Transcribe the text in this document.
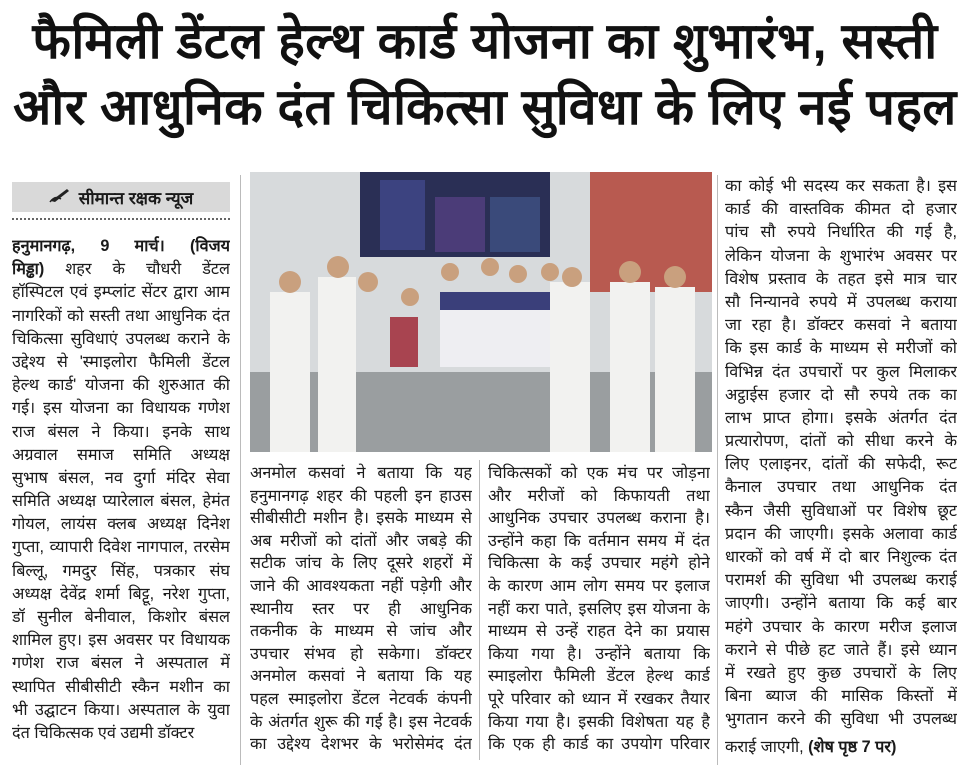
फैमिली डेंटल हेल्थ कार्ड योजना का शुभारंभ, सस्ती
और आधुनिक दंत चिकित्सा सुविधा के लिए नई पहल
सीमान्त रक्षक न्यूज
हनुमानगढ़, 9 मार्च। (विजय
मिड्ढा) शहर के चौधरी डेंटल
हॉस्पिटल एवं इम्प्लांट सेंटर द्वारा आम
नागरिकों को सस्ती तथा आधुनिक दंत
चिकित्सा सुविधाएं उपलब्ध कराने के
उद्देश्य से 'स्माइलोरा फैमिली डेंटल
हेल्थ कार्ड' योजना की शुरुआत की
गई। इस योजना का विधायक गणेश
राज बंसल ने किया। इनके साथ
अग्रवाल समाज समिति अध्यक्ष
सुभाष बंसल, नव दुर्गा मंदिर सेवा
समिति अध्यक्ष प्यारेलाल बंसल, हेमंत
गोयल, लायंस क्लब अध्यक्ष दिनेश
गुप्ता, व्यापारी दिवेश नागपाल, तरसेम
बिल्लू, गमदुर सिंह, पत्रकार संघ
अध्यक्ष देवेंद्र शर्मा बिट्टू, नरेश गुप्ता,
डॉ सुनील बेनीवाल, किशोर बंसल
शामिल हुए। इस अवसर पर विधायक
गणेश राज बंसल ने अस्पताल में
स्थापित सीबीसीटी स्कैन मशीन का
भी उद्घाटन किया। अस्पताल के युवा
दंत चिकित्सक एवं उद्यमी डॉक्टर
अनमोल कसवां ने बताया कि यह
हनुमानगढ़ शहर की पहली इन हाउस
सीबीसीटी मशीन है। इसके माध्यम से
अब मरीजों को दांतों और जबड़े की
सटीक जांच के लिए दूसरे शहरों में
जाने की आवश्यकता नहीं पड़ेगी और
स्थानीय स्तर पर ही आधुनिक
तकनीक के माध्यम से जांच और
उपचार संभव हो सकेगा। डॉक्टर
अनमोल कसवां ने बताया कि यह
पहल स्माइलोरा डेंटल नेटवर्क कंपनी
के अंतर्गत शुरू की गई है। इस नेटवर्क
का उद्देश्य देशभर के भरोसेमंद दंत
चिकित्सकों को एक मंच पर जोड़ना
और मरीजों को किफायती तथा
आधुनिक उपचार उपलब्ध कराना है।
उन्होंने कहा कि वर्तमान समय में दंत
चिकित्सा के कई उपचार महंगे होने
के कारण आम लोग समय पर इलाज
नहीं करा पाते, इसलिए इस योजना के
माध्यम से उन्हें राहत देने का प्रयास
किया गया है। उन्होंने बताया कि
स्माइलोरा फैमिली डेंटल हेल्थ कार्ड
पूरे परिवार को ध्यान में रखकर तैयार
किया गया है। इसकी विशेषता यह है
कि एक ही कार्ड का उपयोग परिवार
का कोई भी सदस्य कर सकता है। इस
कार्ड की वास्तविक कीमत दो हजार
पांच सौ रुपये निर्धारित की गई है,
लेकिन योजना के शुभारंभ अवसर पर
विशेष प्रस्ताव के तहत इसे मात्र चार
सौ निन्यानवे रुपये में उपलब्ध कराया
जा रहा है। डॉक्टर कसवां ने बताया
कि इस कार्ड के माध्यम से मरीजों को
विभिन्न दंत उपचारों पर कुल मिलाकर
अट्ठाईस हजार दो सौ रुपये तक का
लाभ प्राप्त होगा। इसके अंतर्गत दंत
प्रत्यारोपण, दांतों को सीधा करने के
लिए एलाइनर, दांतों की सफेदी, रूट
कैनाल उपचार तथा आधुनिक दंत
स्कैन जैसी सुविधाओं पर विशेष छूट
प्रदान की जाएगी। इसके अलावा कार्ड
धारकों को वर्ष में दो बार निशुल्क दंत
परामर्श की सुविधा भी उपलब्ध कराई
जाएगी। उन्होंने बताया कि कई बार
महंगे उपचार के कारण मरीज इलाज
कराने से पीछे हट जाते हैं। इसे ध्यान
में रखते हुए कुछ उपचारों के लिए
बिना ब्याज की मासिक किस्तों में
भुगतान करने की सुविधा भी उपलब्ध
कराई जाएगी, (शेष पृष्ठ 7 पर)
